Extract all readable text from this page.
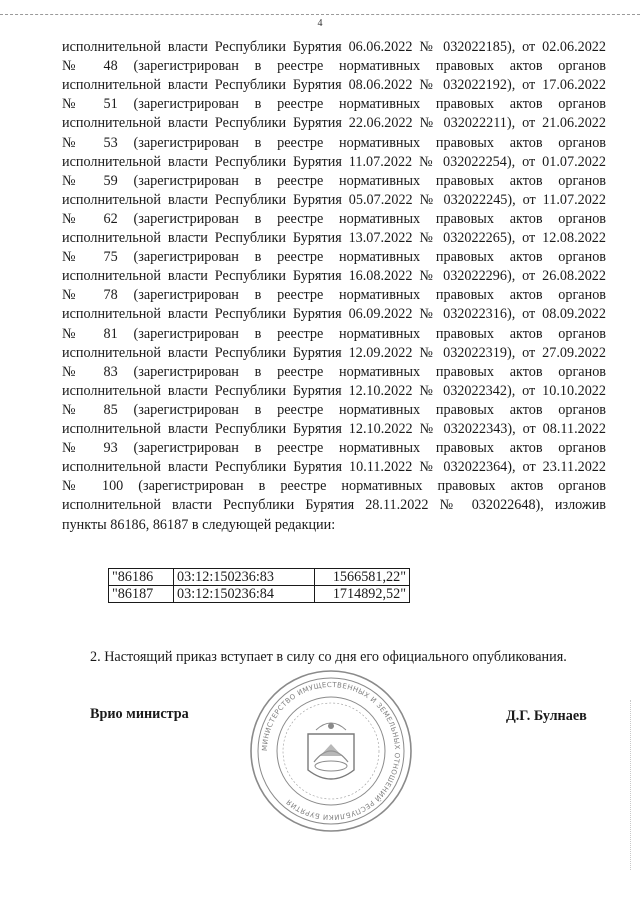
4
исполнительной власти Республики Бурятия 06.06.2022 № 032022185), от 02.06.2022
№ 48 (зарегистрирован в реестре нормативных правовых актов органов
исполнительной власти Республики Бурятия 08.06.2022 № 032022192), от 17.06.2022
№ 51 (зарегистрирован в реестре нормативных правовых актов органов
исполнительной власти Республики Бурятия 22.06.2022 № 032022211), от 21.06.2022
№ 53 (зарегистрирован в реестре нормативных правовых актов органов
исполнительной власти Республики Бурятия 11.07.2022 № 032022254), от 01.07.2022
№ 59 (зарегистрирован в реестре нормативных правовых актов органов
исполнительной власти Республики Бурятия 05.07.2022 № 032022245), от 11.07.2022
№ 62 (зарегистрирован в реестре нормативных правовых актов органов
исполнительной власти Республики Бурятия 13.07.2022 № 032022265), от 12.08.2022
№ 75 (зарегистрирован в реестре нормативных правовых актов органов
исполнительной власти Республики Бурятия 16.08.2022 № 032022296), от 26.08.2022
№ 78 (зарегистрирован в реестре нормативных правовых актов органов
исполнительной власти Республики Бурятия 06.09.2022 № 032022316), от 08.09.2022
№ 81 (зарегистрирован в реестре нормативных правовых актов органов
исполнительной власти Республики Бурятия 12.09.2022 № 032022319), от 27.09.2022
№ 83 (зарегистрирован в реестре нормативных правовых актов органов
исполнительной власти Республики Бурятия 12.10.2022 № 032022342), от 10.10.2022
№ 85 (зарегистрирован в реестре нормативных правовых актов органов
исполнительной власти Республики Бурятия 12.10.2022 № 032022343), от 08.11.2022
№ 93 (зарегистрирован в реестре нормативных правовых актов органов
исполнительной власти Республики Бурятия 10.11.2022 № 032022364), от 23.11.2022
№ 100 (зарегистрирован в реестре нормативных правовых актов органов
исполнительной власти Республики Бурятия 28.11.2022 № 032022648), изложив
пункты 86186, 86187 в следующей редакции:
"86186	03:12:150236:83	1566581,22"
"86187	03:12:150236:84	1714892,52"
2. Настоящий приказ вступает в силу со дня его официального опубликования.
Врио министра	Д.Г. Булнаев
МИНИСТЕРСТВО ИМУЩЕСТВЕННЫХ И ЗЕМЕЛЬНЫХ ОТНОШЕНИЙ РЕСПУБЛИКИ БУРЯТИЯ
